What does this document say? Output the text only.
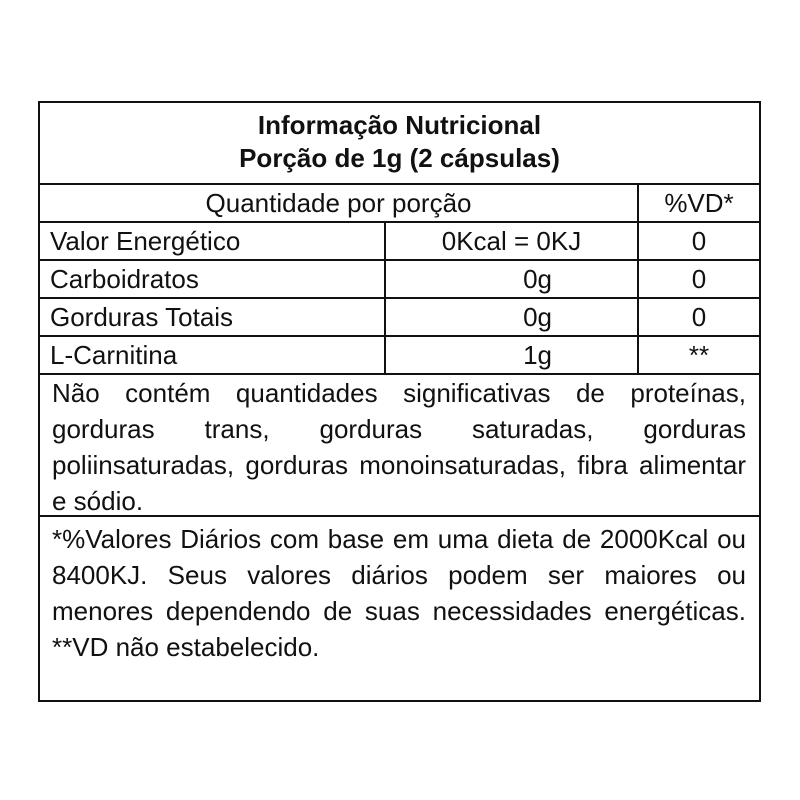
Informação Nutricional
Porção de 1g (2 cápsulas)
Quantidade por porção		%VD*
Valor Energético	0Kcal = 0KJ	0
Carboidratos	0g	0
Gorduras Totais	0g	0
L-Carnitina	1g	**
Não contém quantidades significativas de proteínas, gorduras trans, gorduras saturadas, gorduras poliinsaturadas, gorduras monoinsaturadas, fibra alimentar e sódio.
*%Valores Diários com base em uma dieta de 2000Kcal ou 8400KJ. Seus valores diários podem ser maiores ou menores dependendo de suas necessidades energéticas. **VD não estabelecido.
